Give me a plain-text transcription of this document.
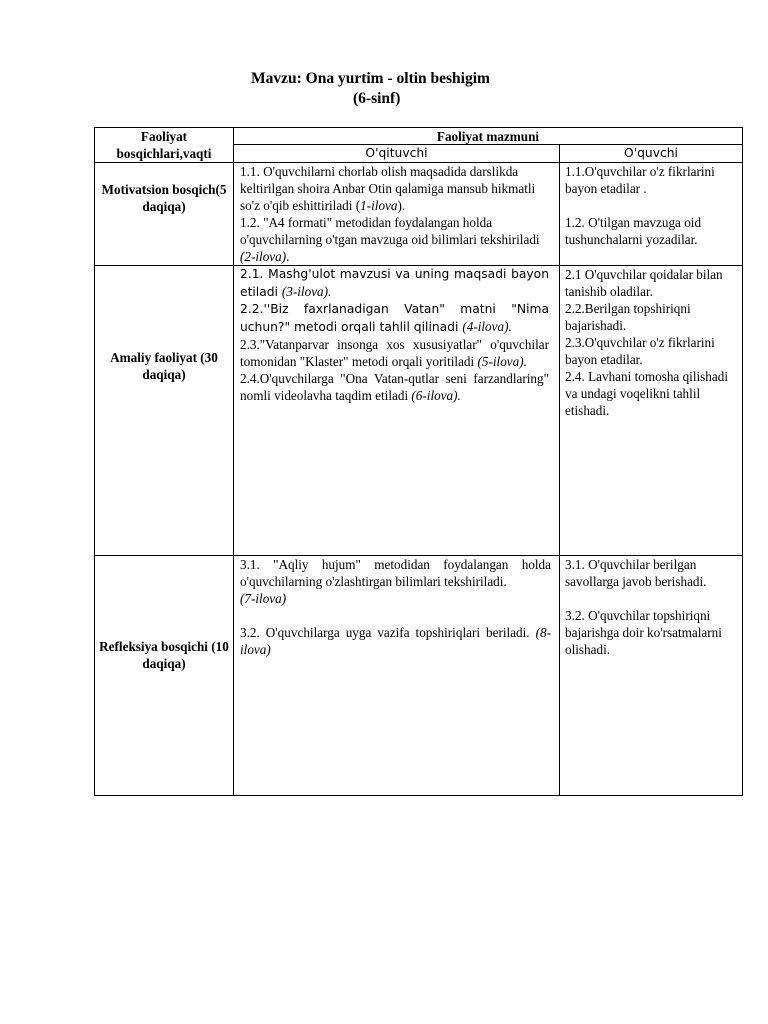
Mavzu: Ona yurtim - oltin beshigim
(6-sinf)
Faoliyat bosqichlari,vaqti
Faoliyat mazmuni
O'qituvchi	O'quvchi
Motivatsion bosqich(5 daqiqa)

1.1. O'quvchilarni chorlab olish maqsadida darslikda keltirilgan shoira Anbar Otin qalamiga mansub hikmatli so'z o'qib eshittiriladi (1-ilova).

1.2. "A4 formati" metodidan foydalangan holda o'quvchilarning o'tgan mavzuga oid bilimlari tekshiriladi (2-ilova).

1.1.O'quvchilar o'z fikrlarini bayon etadilar .

1.2. O'tilgan mavzuga oid tushunchalarni yozadilar.

Amaliy faoliyat (30 daqiqa)

2.1. Mashg'ulot mavzusi va uning maqsadi bayon etiladi (3-ilova).

2.2.''Biz faxrlanadigan Vatan" matni "Nima uchun?" metodi orqali tahlil qilinadi (4-ilova).

2.3."Vatanparvar insonga xos xususiyatlar" o'quvchilar tomonidan "Klaster" metodi orqali yoritiladi (5-ilova).

2.4.O'quvchilarga "Ona Vatan-qutlar seni farzandlaring" nomli videolavha taqdim etiladi (6-ilova).

2.1 O'quvchilar qoidalar bilan tanishib oladilar.

2.2.Berilgan topshiriqni bajarishadi.

2.3.O'quvchilar o'z fikrlarini bayon etadilar.

2.4. Lavhani tomosha qilishadi va undagi voqelikni tahlil etishadi.

Refleksiya bosqichi (10 daqiqa)

3.1. "Aqliy hujum" metodidan foydalangan holda o'quvchilarning o'zlashtirgan bilimlari tekshiriladi.
(7-ilova)

3.2. O'quvchilarga uyga vazifa topshiriqlari beriladi. (8-ilova)

3.1. O'quvchilar berilgan savollarga javob berishadi.

3.2. O'quvchilar topshiriqni bajarishga doir ko'rsatmalarni olishadi.
